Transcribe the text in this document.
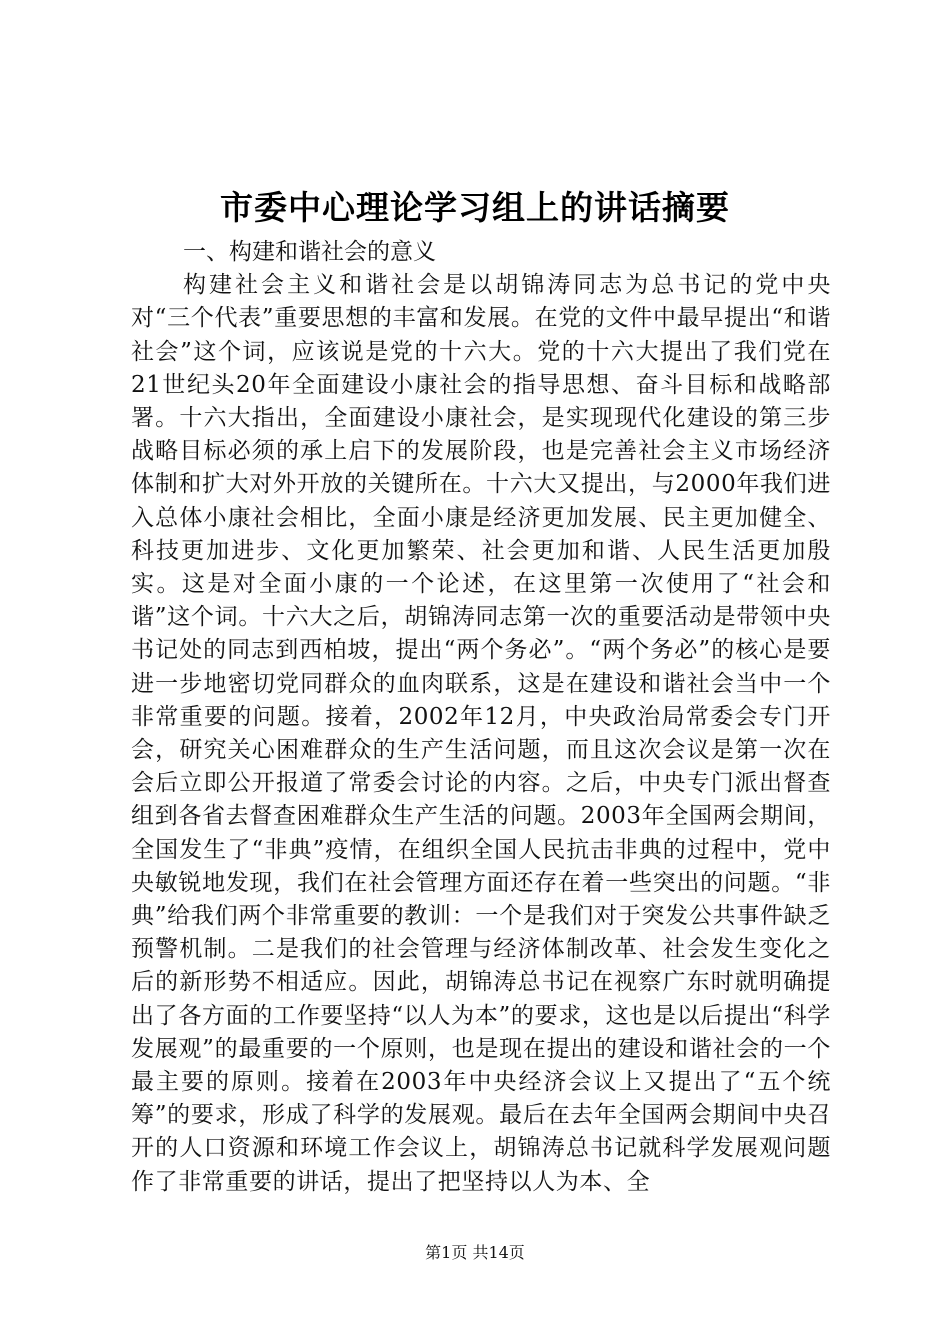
市委中心理论学习组上的讲话摘要

一、构建和谐社会的意义

构建社会主义和谐社会是以胡锦涛同志为总书记的党中央对“三个代表”重要思想的丰富和发展。在党的文件中最早提出“和谐社会”这个词，应该说是党的十六大。党的十六大提出了我们党在21世纪头20年全面建设小康社会的指导思想、奋斗目标和战略部署。十六大指出，全面建设小康社会，是实现现代化建设的第三步战略目标必须的承上启下的发展阶段，也是完善社会主义市场经济体制和扩大对外开放的关键所在。十六大又提出，与2000年我们进入总体小康社会相比，全面小康是经济更加发展、民主更加健全、科技更加进步、文化更加繁荣、社会更加和谐、人民生活更加殷实。这是对全面小康的一个论述，在这里第一次使用了“社会和谐”这个词。十六大之后，胡锦涛同志第一次的重要活动是带领中央书记处的同志到西柏坡，提出“两个务必”。“两个务必”的核心是要进一步地密切党同群众的血肉联系，这是在建设和谐社会当中一个非常重要的问题。接着，2002年12月，中央政治局常委会专门开会，研究关心困难群众的生产生活问题，而且这次会议是第一次在会后立即公开报道了常委会讨论的内容。之后，中央专门派出督查组到各省去督查困难群众生产生活的问题。2003年全国两会期间，全国发生了“非典”疫情，在组织全国人民抗击非典的过程中，党中央敏锐地发现，我们在社会管理方面还存在着一些突出的问题。“非典”给我们两个非常重要的教训：一个是我们对于突发公共事件缺乏预警机制。二是我们的社会管理与经济体制改革、社会发生变化之后的新形势不相适应。因此，胡锦涛总书记在视察广东时就明确提出了各方面的工作要坚持“以人为本”的要求，这也是以后提出“科学发展观”的最重要的一个原则，也是现在提出的建设和谐社会的一个最主要的原则。接着在2003年中央经济会议上又提出了“五个统筹”的要求，形成了科学的发展观。最后在去年全国两会期间中央召开的人口资源和环境工作会议上，胡锦涛总书记就科学发展观问题作了非常重要的讲话，提出了把坚持以人为本、全

第1页 共14页
